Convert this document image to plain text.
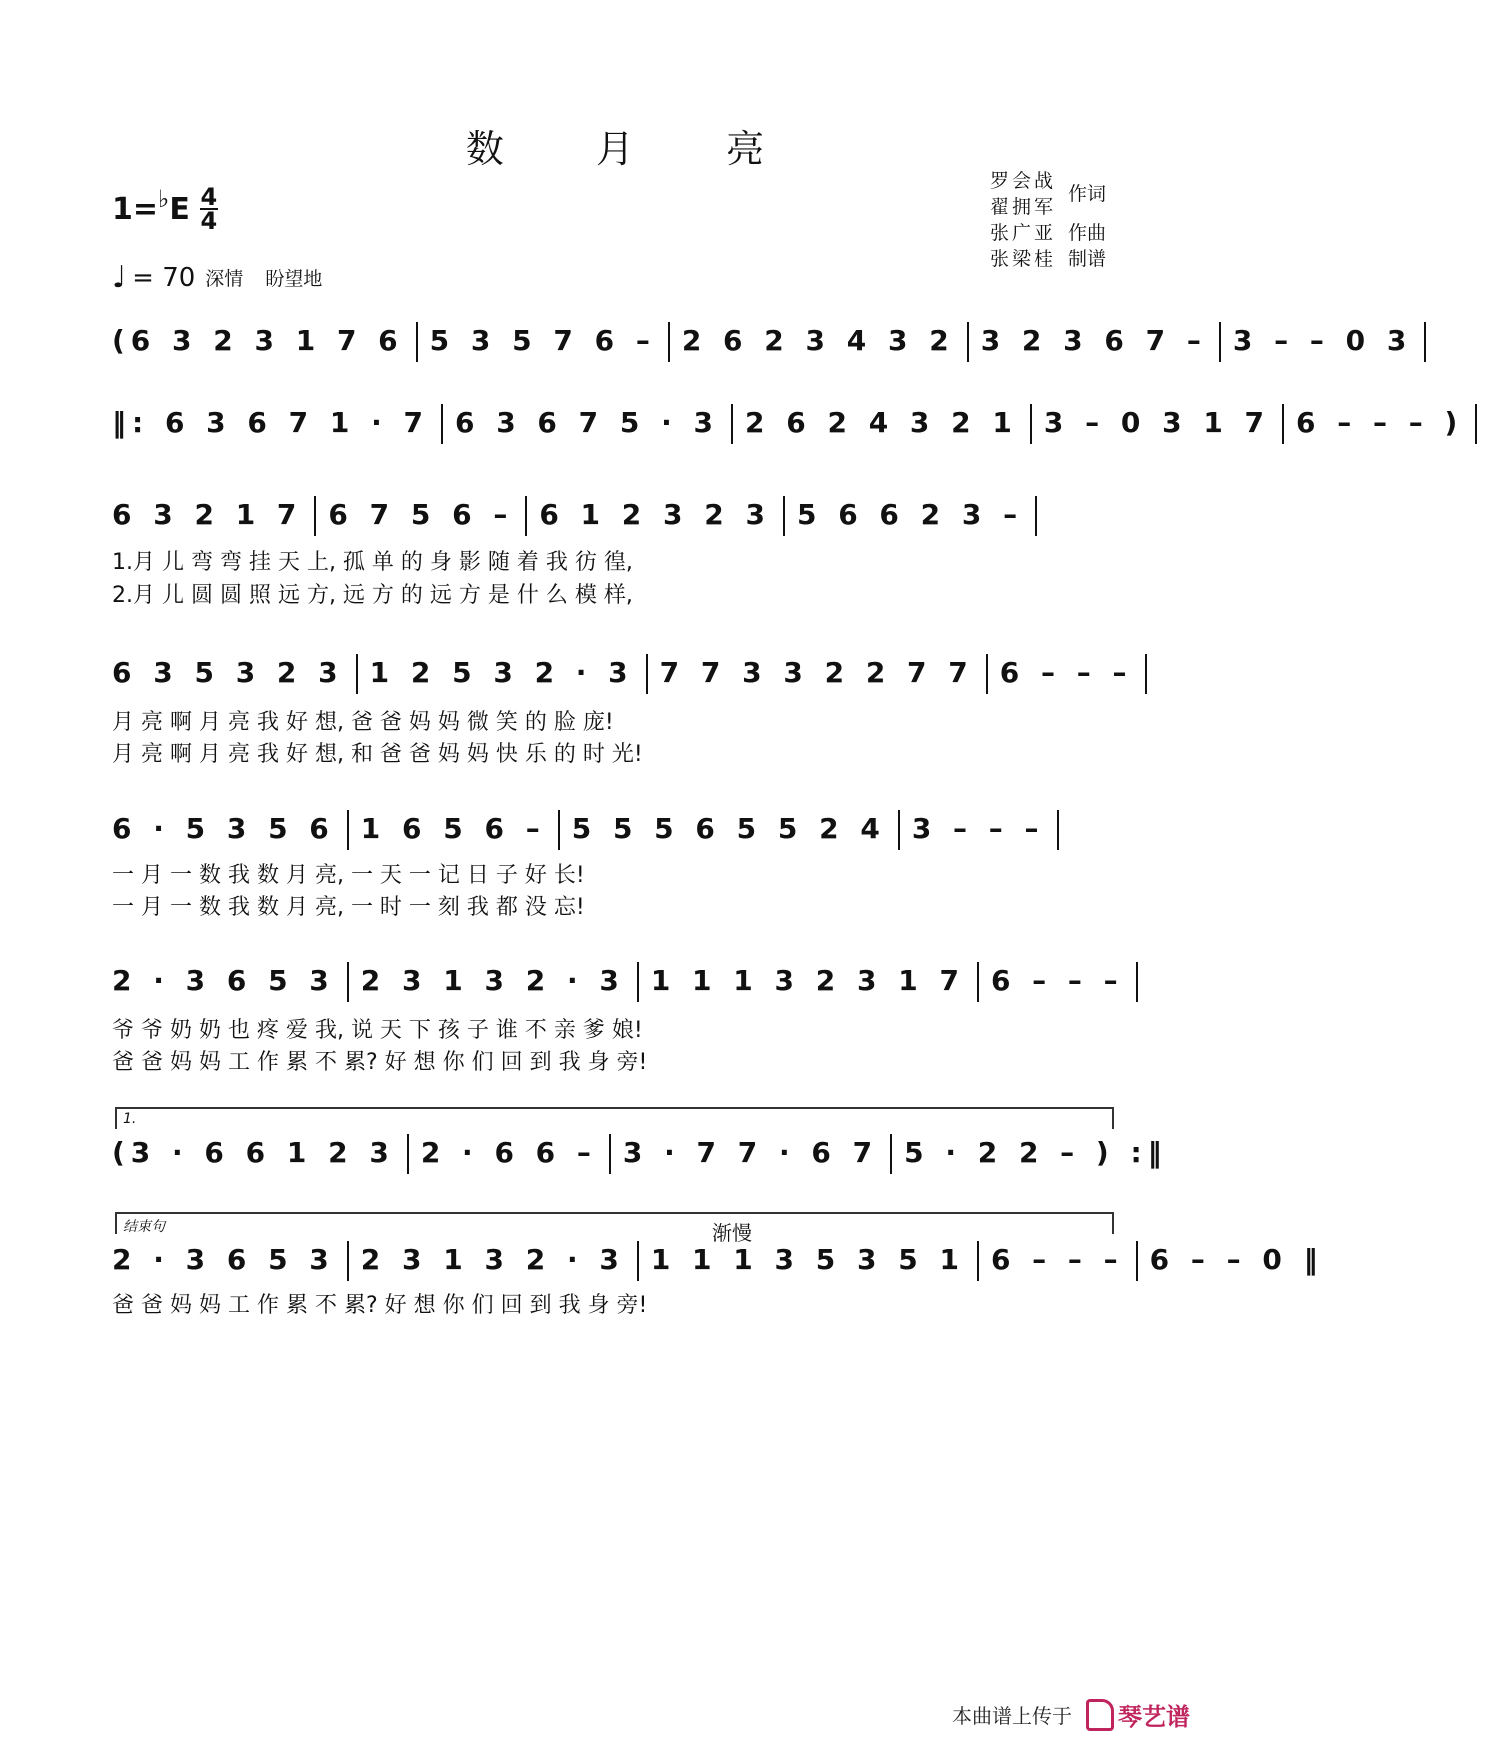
数 月 亮
罗会战
翟拥军
作词
张广亚 作曲
张梁桂 制谱
1= ♭ E 4
4
♩ = 70 深情 盼望地
(6 3 2 3 1 7 6 5 3 5 7 6 – 2 6 2 3 4 3 2 3 2 3 6 7 – 3 – – 0 3
‖: 6 3 6 7 1 · 7 6 3 6 7 5 · 3 2 6 2 4 3 2 1 3 – 0 3 1 7 6 – – – )
6 3 2 1 7 6 7 5 6 – 6 1 2 3 2 3 5 6 6 2 3 –
1.月 儿 弯 弯 挂 天 上, 孤 单 的 身 影 随 着 我 彷 徨,
2.月 儿 圆 圆 照 远 方, 远 方 的 远 方 是 什 么 模 样,
6 3 5 3 2 3 1 2 5 3 2 · 3 7 7 3 3 2 2 7 7 6 – – –
月 亮 啊 月 亮 我 好 想, 爸 爸 妈 妈 微 笑 的 脸 庞!
月 亮 啊 月 亮 我 好 想, 和 爸 爸 妈 妈 快 乐 的 时 光!
6 · 5 3 5 6 1 6 5 6 – 5 5 5 6 5 5 2 4 3 – – –
一 月 一 数 我 数 月 亮, 一 天 一 记 日 子 好 长!
一 月 一 数 我 数 月 亮, 一 时 一 刻 我 都 没 忘!
2 · 3 6 5 3 2 3 1 3 2 · 3 1 1 1 3 2 3 1 7 6 – – –
爷 爷 奶 奶 也 疼 爱 我, 说 天 下 孩 子 谁 不 亲 爹 娘!
爸 爸 妈 妈 工 作 累 不 累? 好 想 你 们 回 到 我 身 旁!
1.
(3 · 6 6 1 2 3 2 · 6 6 – 3 · 7 7 · 6 7 5 · 2 2 – ) :‖
结束句	渐慢
2 · 3 6 5 3 2 3 1 3 2 · 3 1 1 1 3 5 3 5 1 6 – – – 6 – – 0 ‖
爸 爸 妈 妈 工 作 累 不 累? 好 想 你 们 回 到 我 身 旁!
本曲谱上传于 琴艺谱
